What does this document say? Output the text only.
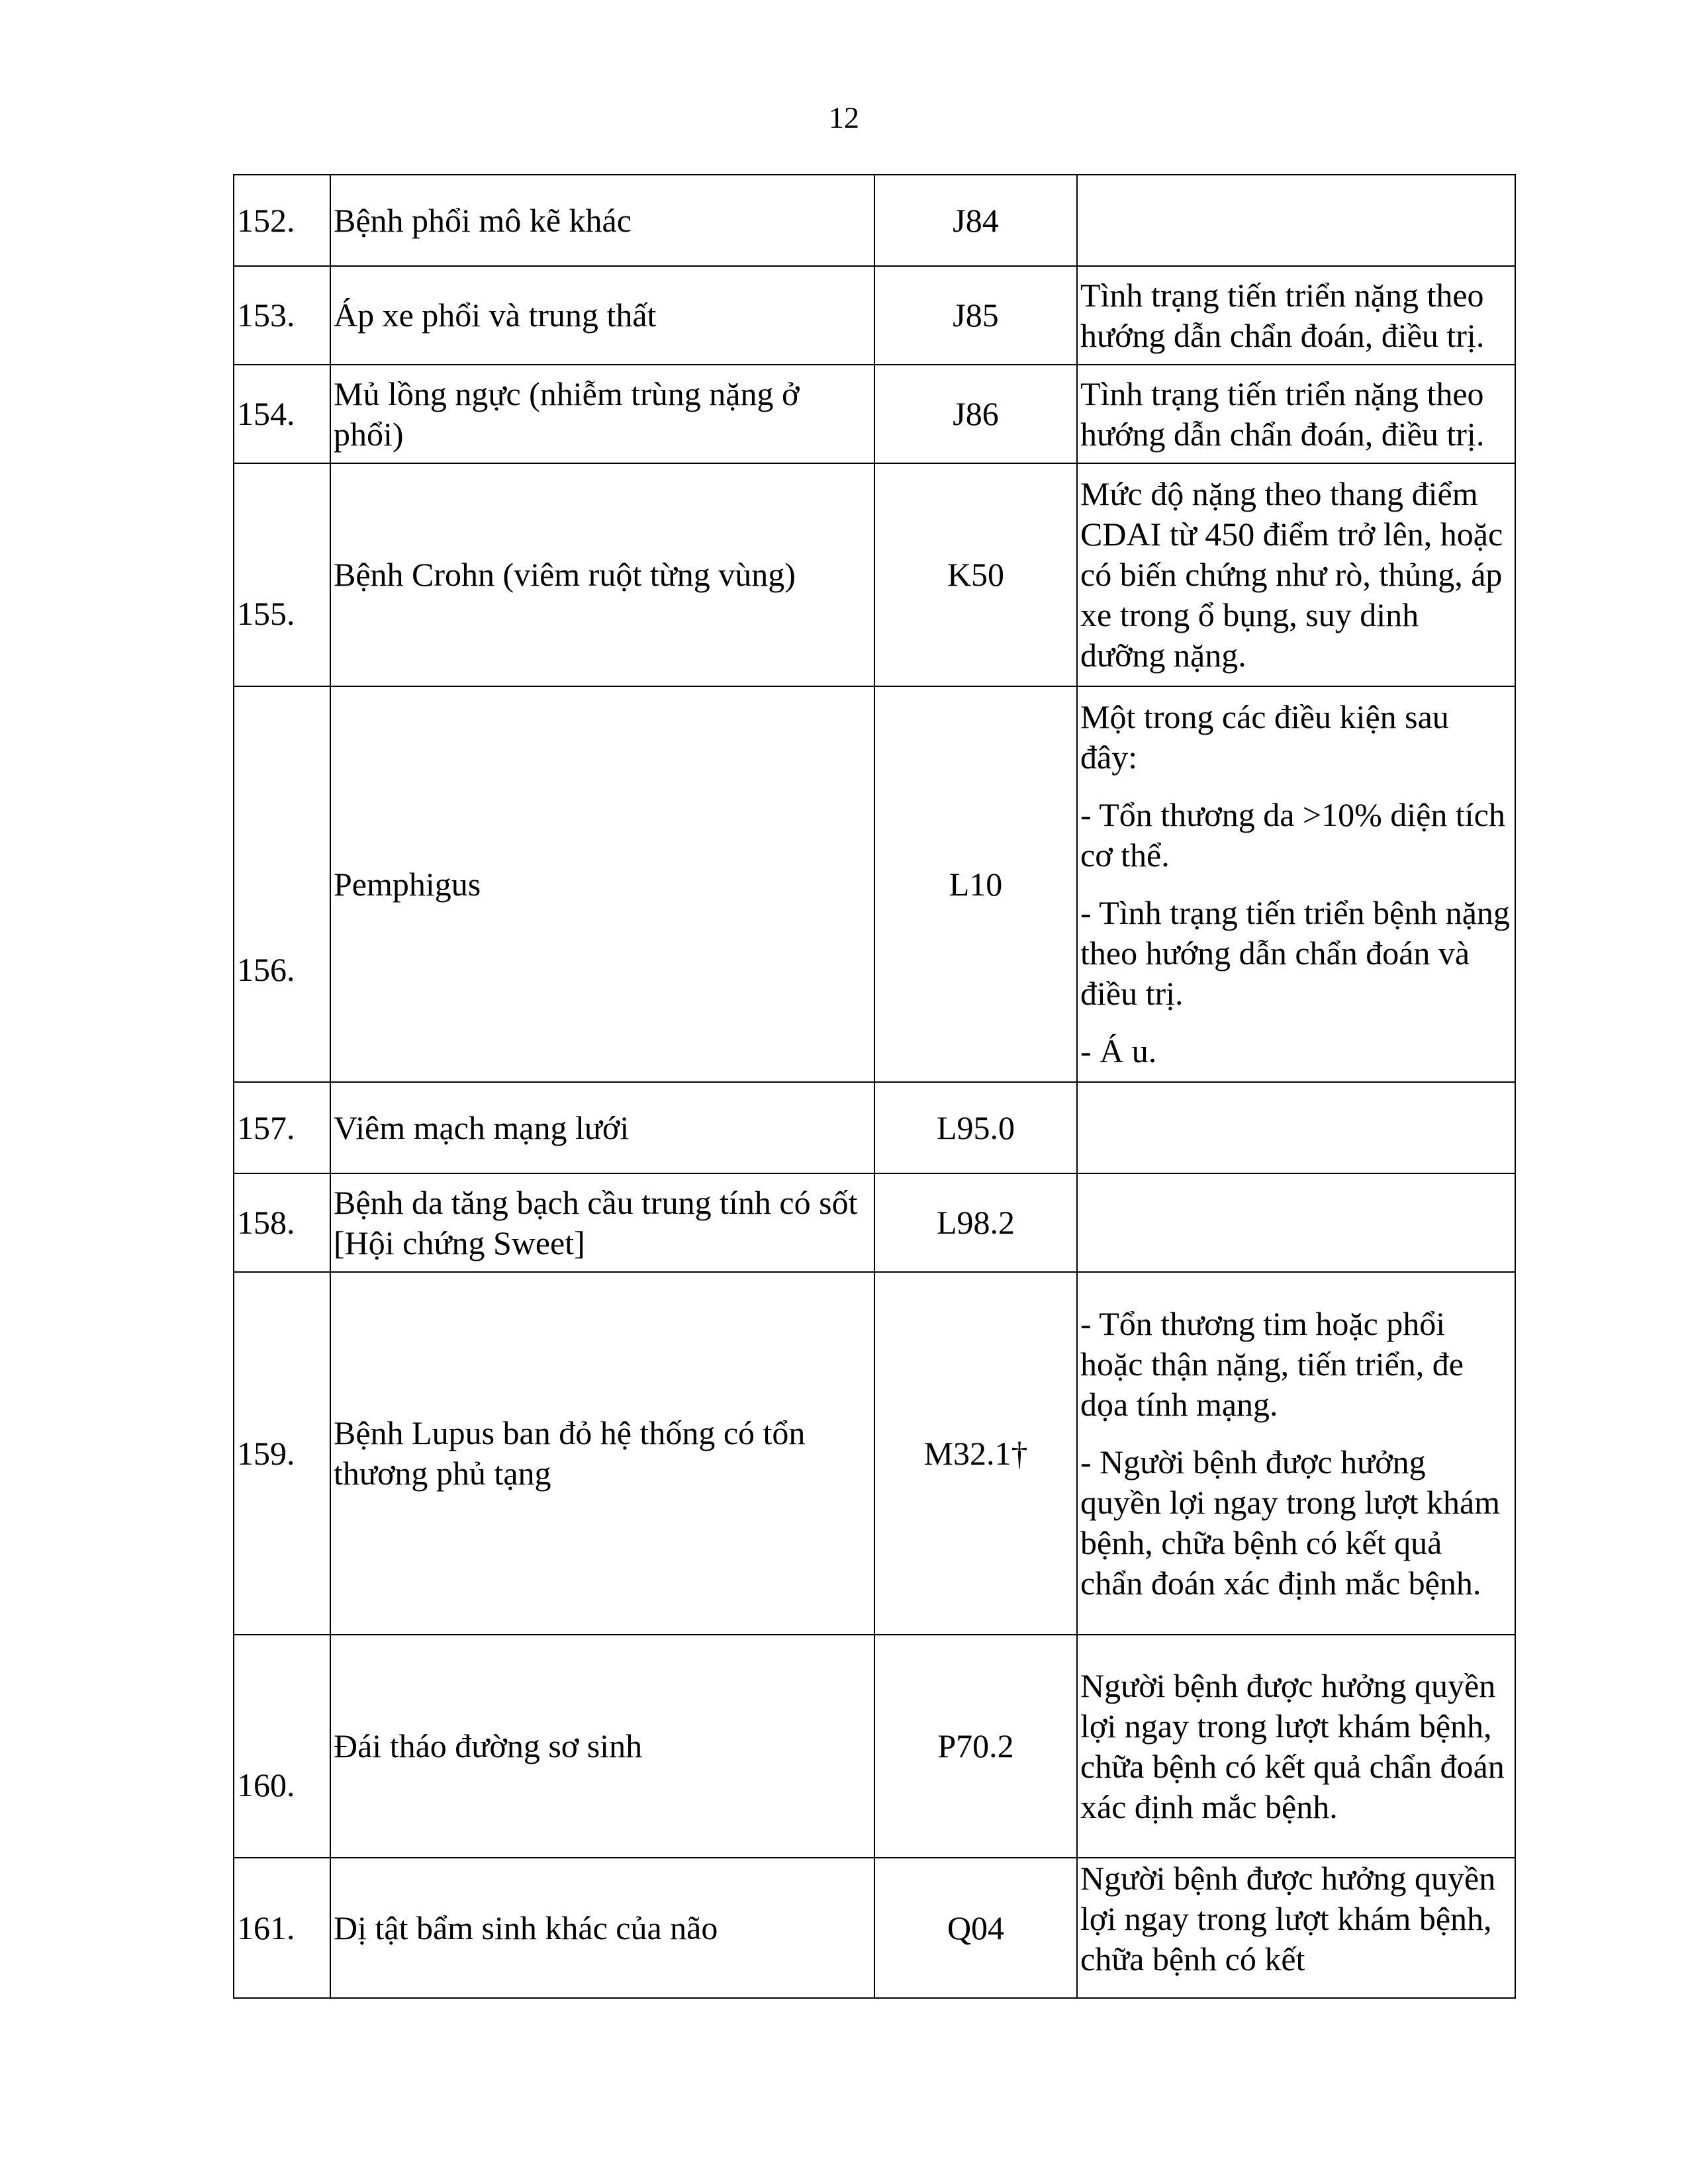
12
152.	Bệnh phổi mô kẽ khác	J84	
153.	Áp xe phổi và trung thất	J85	Tình trạng tiến triển nặng theo hướng dẫn chẩn đoán, điều trị.

154.	Mủ lồng ngực (nhiễm trùng nặng ở phổi)	J86	Tình trạng tiến triển nặng theo hướng dẫn chẩn đoán, điều trị.

155.	Bệnh Crohn (viêm ruột từng vùng)	K50	Mức độ nặng theo thang điểm CDAI từ 450 điểm trở lên, hoặc có biến chứng như rò, thủng, áp xe trong ổ bụng, suy dinh dưỡng nặng.

156.	Pemphigus	L10	Một trong các điều kiện sau đây:

- Tổn thương da >10% diện tích cơ thể.

- Tình trạng tiến triển bệnh nặng theo hướng dẫn chẩn đoán và điều trị.

- Á u.

157.	Viêm mạch mạng lưới	L95.0	
158.	Bệnh da tăng bạch cầu trung tính có sốt [Hội chứng Sweet]	L98.2	
159.	Bệnh Lupus ban đỏ hệ thống có tổn thương phủ tạng	M32.1†	- Tổn thương tim hoặc phổi hoặc thận nặng, tiến triển, đe dọa tính mạng.

- Người bệnh được hưởng quyền lợi ngay trong lượt khám bệnh, chữa bệnh có kết quả chẩn đoán xác định mắc bệnh.

160.	Đái tháo đường sơ sinh	P70.2	Người bệnh được hưởng quyền lợi ngay trong lượt khám bệnh, chữa bệnh có kết quả chẩn đoán xác định mắc bệnh.

161.	Dị tật bẩm sinh khác của não	Q04	Người bệnh được hưởng quyền lợi ngay trong lượt khám bệnh, chữa bệnh có kết
